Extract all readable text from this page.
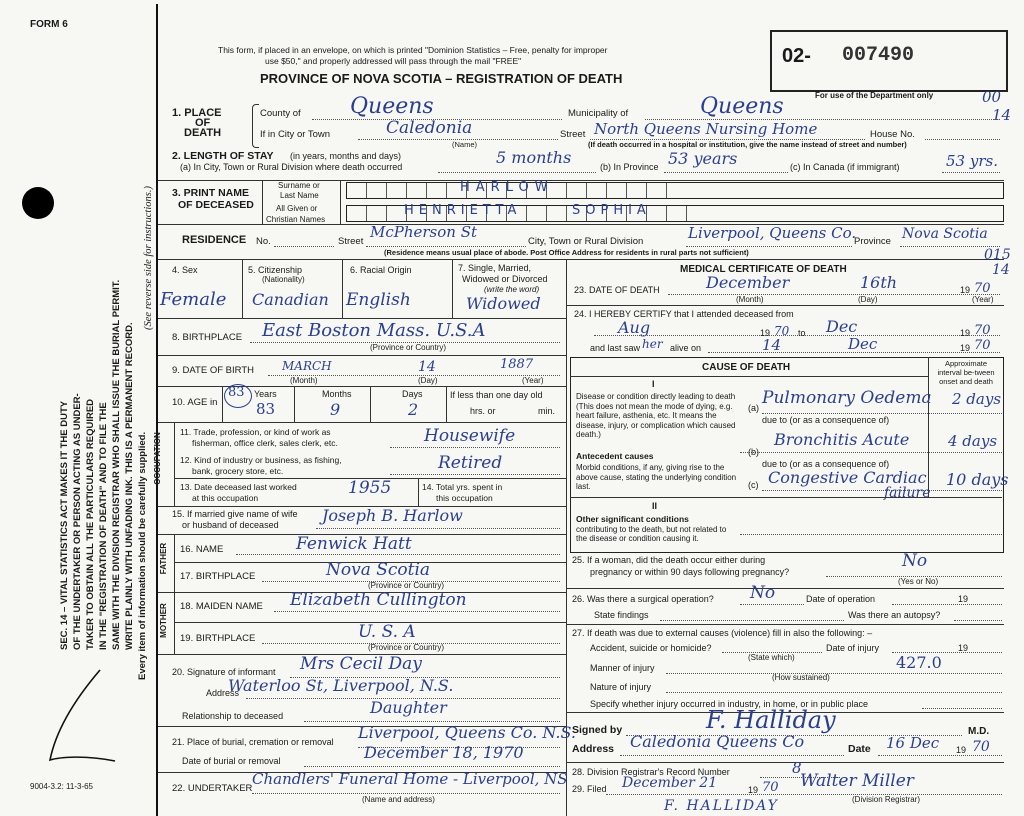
FORM 6
SEC. 14 – VITAL STATISTICS ACT MAKES IT THE DUTY OF THE UNDERTAKER OR PERSON ACTING AS UNDER- TAKER TO OBTAIN ALL THE PARTICULARS REQUIRED IN THE "REGISTRATION OF DEATH" AND TO FILE THE SAME WITH THE DIVISION REGISTRAR WHO SHALL ISSUE THE BURIAL PERMIT. WRITE PLAINLY WITH UNFADING INK. THIS IS A PERMANENT RECORD. Every item of information should be carefully supplied.
(See reverse side for instructions.)
9004-3.2: 11-3-65
This form, if placed in an envelope, on which is printed "Dominion Statistics – Free, penalty for improper
use $50," and properly addressed will pass through the mail "FREE"
PROVINCE OF NOVA SCOTIA – REGISTRATION OF DEATH
02- 007490
For use of the Department only	00
14
1. PLACE
OF
DEATH
County of Queens	Municipality of	Queens
If in City or Town	Caledonia
(Name)
Street North Queens Nursing Home	House No.
(If death occurred in a hospital or institution, give the name instead of street and number)
2. LENGTH OF STAY (in years, months and days)
(a) In City, Town or Rural Division where death occurred	5 months	(b) In Province 53 years	(c) In Canada (if immigrant)	53 yrs.
3. PRINT NAME
OF DECEASED
Surname or
Last Name
All Given or
Christian Names
HARLOW
HENRIETTA	SOPHIA
RESIDENCE No.	Street
McPherson St
City, Town or Rural Division	Liverpool, Queens Co.
Province Nova Scotia
(Residence means usual place of abode. Post Office Address for residents in rural parts not sufficient)	015
14
4. Sex
Female
5. Citizenship
(Nationality)
Canadian
6. Racial Origin
English
7. Single, Married,
Widowed or Divorced
(write the word)
Widowed
8. BIRTHPLACE East Boston Mass. U.S.A
(Province or Country)
9. DATE OF BIRTH MARCH	14	1887
(Month)	(Day)	(Year)
10. AGE in
Years
83
83
Months
9
Days
2
If less than one day old
hrs. or	min.
OCCUPATION
11. Trade, profession, or kind of work as
fisherman, office clerk, sales clerk, etc.	Housewife
12. Kind of industry or business, as fishing,
bank, grocery store, etc.	Retired
13. Date deceased last worked
at this occupation	1955	14. Total yrs. spent in
this occupation
15. If married give name of wife
or husband of deceased	Joseph B. Harlow
FATHER 16. NAME	Fenwick Hatt
17. BIRTHPLACE	Nova Scotia
(Province or Country)
MOTHER 18. MAIDEN NAME Elizabeth Cullington
19. BIRTHPLACE	U. S. A
(Province or Country)
20. Signature of informant Mrs Cecil Day
Address
Waterloo St, Liverpool, N.S.
Relationship to deceased	Daughter
21. Place of burial, cremation or removal Liverpool, Queens Co. N.S.
Date of burial or removal	December 18, 1970
22. UNDERTAKER
Chandlers' Funeral Home - Liverpool, NS
(Name and address)
MEDICAL CERTIFICATE OF DEATH
23. DATE OF DEATH	December	16th	19 70
(Month)	(Day)	(Year)
24. I HEREBY CERTIFY that I attended deceased from
Aug	19 70 to Dec	19 70
and last saw her alive on	14	Dec	19 70
CAUSE OF DEATH	Approximate interval be-tween onset and death
I
Disease or condition directly leading to death (This does not mean the mode of dying, e.g. heart failure, asthenia, etc. It means the disease, injury, or complication which caused death.)
(a) Pulmonary Oedema 2 days
due to (or as a consequence of)
Antecedent causes
Morbid conditions, if any, giving rise to the above cause, stating the underlying condition last.
(b)
Bronchitis Acute	4 days
due to (or as a consequence of)
(c) Congestive Cardiac
failure
10 days
II
Other significant conditions
contributing to the death, but not related to the disease or condition causing it.
25. If a woman, did the death occur either during
pregnancy or within 90 days following pregnancy?
No
(Yes or No)
26. Was there a surgical operation? No	Date of operation	19
State findings	Was there an autopsy?
27. If death was due to external causes (violence) fill in also the following: –
Accident, suicide or homicide?
(State which)
Date of injury	19
Manner of injury	427.0
(How sustained)
Nature of injury
Specify whether injury occurred in industry, in home, or in public place
Signed by	F. Halliday	M.D.
Address Caledonia Queens Co	Date 16 Dec 19 70
28. Division Registrar's Record Number	8
29. Filed December 21	19 70 Walter Miller
(Division Registrar)
F. HALLIDAY
